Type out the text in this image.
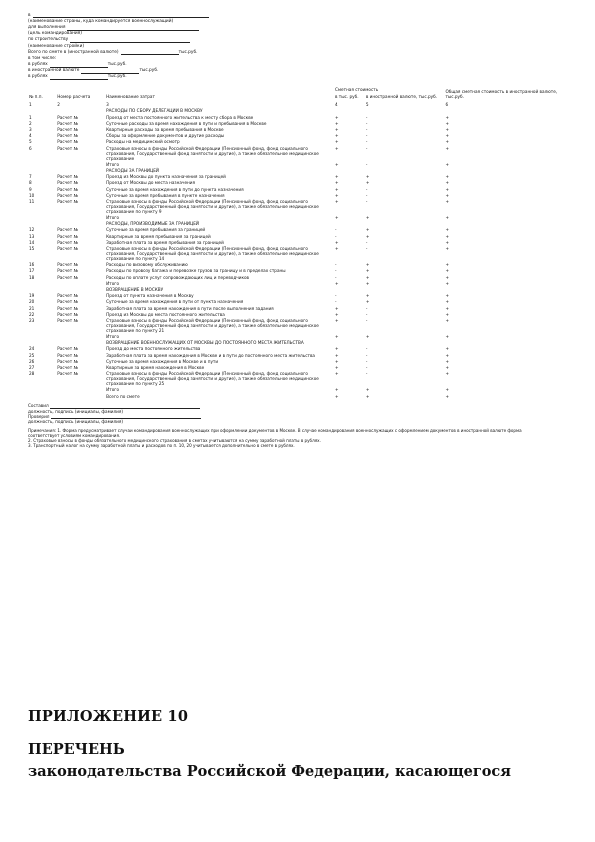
в
(наименование страны, куда командируется военнослужащий)
для выполнения
(цель командирования)
по строительству
(наименование стройки)
Всего по смете в (иностранной валюте)	тыс.руб.
в том числе:
в рублях	тыс.руб.
в иностранной валюте	тыс.руб.
в рублях	тыс.руб.
№ п.п.	Номер расчета	Наименование затрат	Сметная стоимость
в тыс. руб.	в иностранной валюте, тыс.руб.	Общая сметная стоимость в иностранной валюте, тыс.руб.
1	2	3	4	5	6
		РАСХОДЫ ПО СБОРУ ДЕЛЕГАЦИИ В МОСКВУ			
1	Расчет №	Проезд от места постоянного жительства к месту сбора в Москве	+	-	+
2	Расчет №	Суточные расходы за время нахождения в пути и пребывания в Москве	+	-	+
3	Расчет №	Квартирные расходы за время пребывания в Москве	+	-	+
4	Расчет №	Сборы за оформление документов и другие расходы	+	-	+
5	Расчет №	Расходы на медицинский осмотр	+	-	+
6	Расчет №	Страховые взносы в фонды Российской Федерации (Пенсионный фонд, фонд социального страхования, Государственный фонд занятости и другие), а также обязательное медицинское страхование	+	-	+
		Итого	+	-	+
		РАСХОДЫ ЗА ГРАНИЦЕЙ			
7	Расчет №	Проезд из Москвы до пункта назначения за границей	+	+	+
8	Расчет №	Проезд от Москвы до места назначения	+	+	+
9	Расчет №	Суточные за время нахождения в пути до пункта назначения	+	-	+
10	Расчет №	Суточные за время пребывания в пункте назначения	+	-	+
11	Расчет №	Страховые взносы в фонды Российской Федерации (Пенсионный фонд, фонд социального страхования, Государственный фонд занятости и другие), а также обязательное медицинское страхование по пункту 9	+	-	+
		Итого	+	+	+
		РАСХОДЫ, ПРОИЗВОДИМЫЕ ЗА ГРАНИЦЕЙ			
12	Расчет №	Суточные за время пребывания за границей	-	+	+
13	Расчет №	Квартирные за время пребывания за границей	-	+	+
14	Расчет №	Заработная плата за время пребывания за границей	+	-	+
15	Расчет №	Страховые взносы в фонды Российской Федерации (Пенсионный фонд, фонд социального страхования, Государственный фонд занятости и другие), а также обязательное медицинское страхование по пункту 14	+	-	+
16	Расчет №	Расходы по визовому обслуживанию	-	+	+
17	Расчет №	Расходы по провозу багажа и перевозке грузов за границу и в пределах страны	-	+	+
18	Расчет №	Расходы по оплате услуг сопровождающих лиц и переводчиков	-	+	+
		Итого	+	+	+
		ВОЗВРАЩЕНИЕ В МОСКВУ			
19	Расчет №	Проезд от пункта назначения в Москву	-	+	+
20	Расчет №	Суточные за время нахождения в пути от пункта назначения	-	+	+
21	Расчет №	Заработная плата за время нахождения в пути после выполнения задания	+	-	+
22	Расчет №	Проезд из Москвы до места постоянного жительства	+	-	+
23	Расчет №	Страховые взносы в фонды Российской Федерации (Пенсионный фонд, фонд социального страхования, Государственный фонд занятости и другие), а также обязательное медицинское страхование по пункту 21	+	-	+
		Итого	+	+	+
		ВОЗВРАЩЕНИЕ ВОЕННОСЛУЖАЩИХ ОТ МОСКВЫ ДО ПОСТОЯННОГО МЕСТА ЖИТЕЛЬСТВА			
24	Расчет №	Проезд до места постоянного жительства	+	-	+
25	Расчет №	Заработная плата за время нахождения в Москве и в пути до постоянного места жительства	+	-	+
26	Расчет №	Суточные за время нахождения в Москве и в пути	+	-	+
27	Расчет №	Квартирные за время нахождения в Москве	+	-	+
28	Расчет №	Страховые взносы в фонды Российской Федерации (Пенсионный фонд, фонд социального страхования, Государственный фонд занятости и другие), а также обязательное медицинское страхование по пункту 25	+	-	+
		Итого	+	+	+
		Всего по смете	+	+	+
Составил
должность, подпись (инициалы, фамилия)
Проверил
должность, подпись (инициалы, фамилия)
Примечания: 1. Форма предусматривает случаи командирования военнослужащих при оформлении документов в Москве. В случае командирования военнослужащих с оформлением документов в иностранной валюте форма соответствует условиям командирования.
2. Страховые взносы в фонды обязательного медицинского страхования в сметах учитываются на сумму заработной платы в рублях.
3. Транспортный налог на сумму заработной платы и расходов по п. 10, 20 учитывается дополнительно в смете в рублях.
ПРИЛОЖЕНИЕ 10
ПЕРЕЧЕНЬ
законодательства Российской Федерации, касающегося
